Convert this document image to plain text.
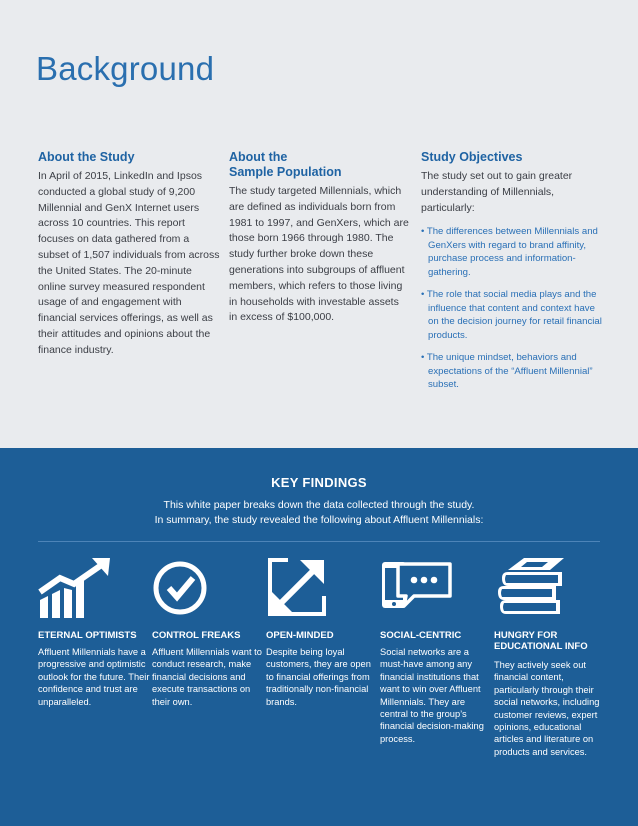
Background
About the Study

In April of 2015, LinkedIn and Ipsos conducted a global study of 9,200 Millennial and GenX Internet users across 10 countries. This report focuses on data gathered from a subset of 1,507 individuals from across the United States. The 20-minute online survey measured respondent usage of and engagement with financial services offerings, as well as their attitudes and opinions about the finance industry.

About the
Sample Population

The study targeted Millennials, which are defined as individuals born from 1981 to 1997, and GenXers, which are those born 1966 through 1980. The study further broke down these generations into subgroups of affluent members, which refers to those living in households with investable assets in excess of $100,000.

Study Objectives

The study set out to gain greater understanding of Millennials, particularly:

• The differences between Millennials and GenXers with regard to brand affinity, purchase process and information-gathering.
• The role that social media plays and the influence that content and context have on the decision journey for retail financial products.
• The unique mindset, behaviors and expectations of the “Affluent Millennial” subset.
KEY FINDINGS
This white paper breaks down the data collected through the study.
In summary, the study revealed the following about Affluent Millennials:
ETERNAL OPTIMISTS

Affluent Millennials have a progressive and optimistic outlook for the future. Their confidence and trust are unparalleled.

CONTROL FREAKS

Affluent Millennials want to conduct research, make financial decisions and execute transactions on their own.

OPEN-MINDED

Despite being loyal customers, they are open to financial offerings from traditionally non-financial brands.

SOCIAL-CENTRIC

Social networks are a must-have among any financial institutions that want to win over Affluent Millennials. They are central to the group’s financial decision-making process.

HUNGRY FOR EDUCATIONAL INFO

They actively seek out financial content, particularly through their social networks, including customer reviews, expert opinions, educational articles and literature on products and services.
